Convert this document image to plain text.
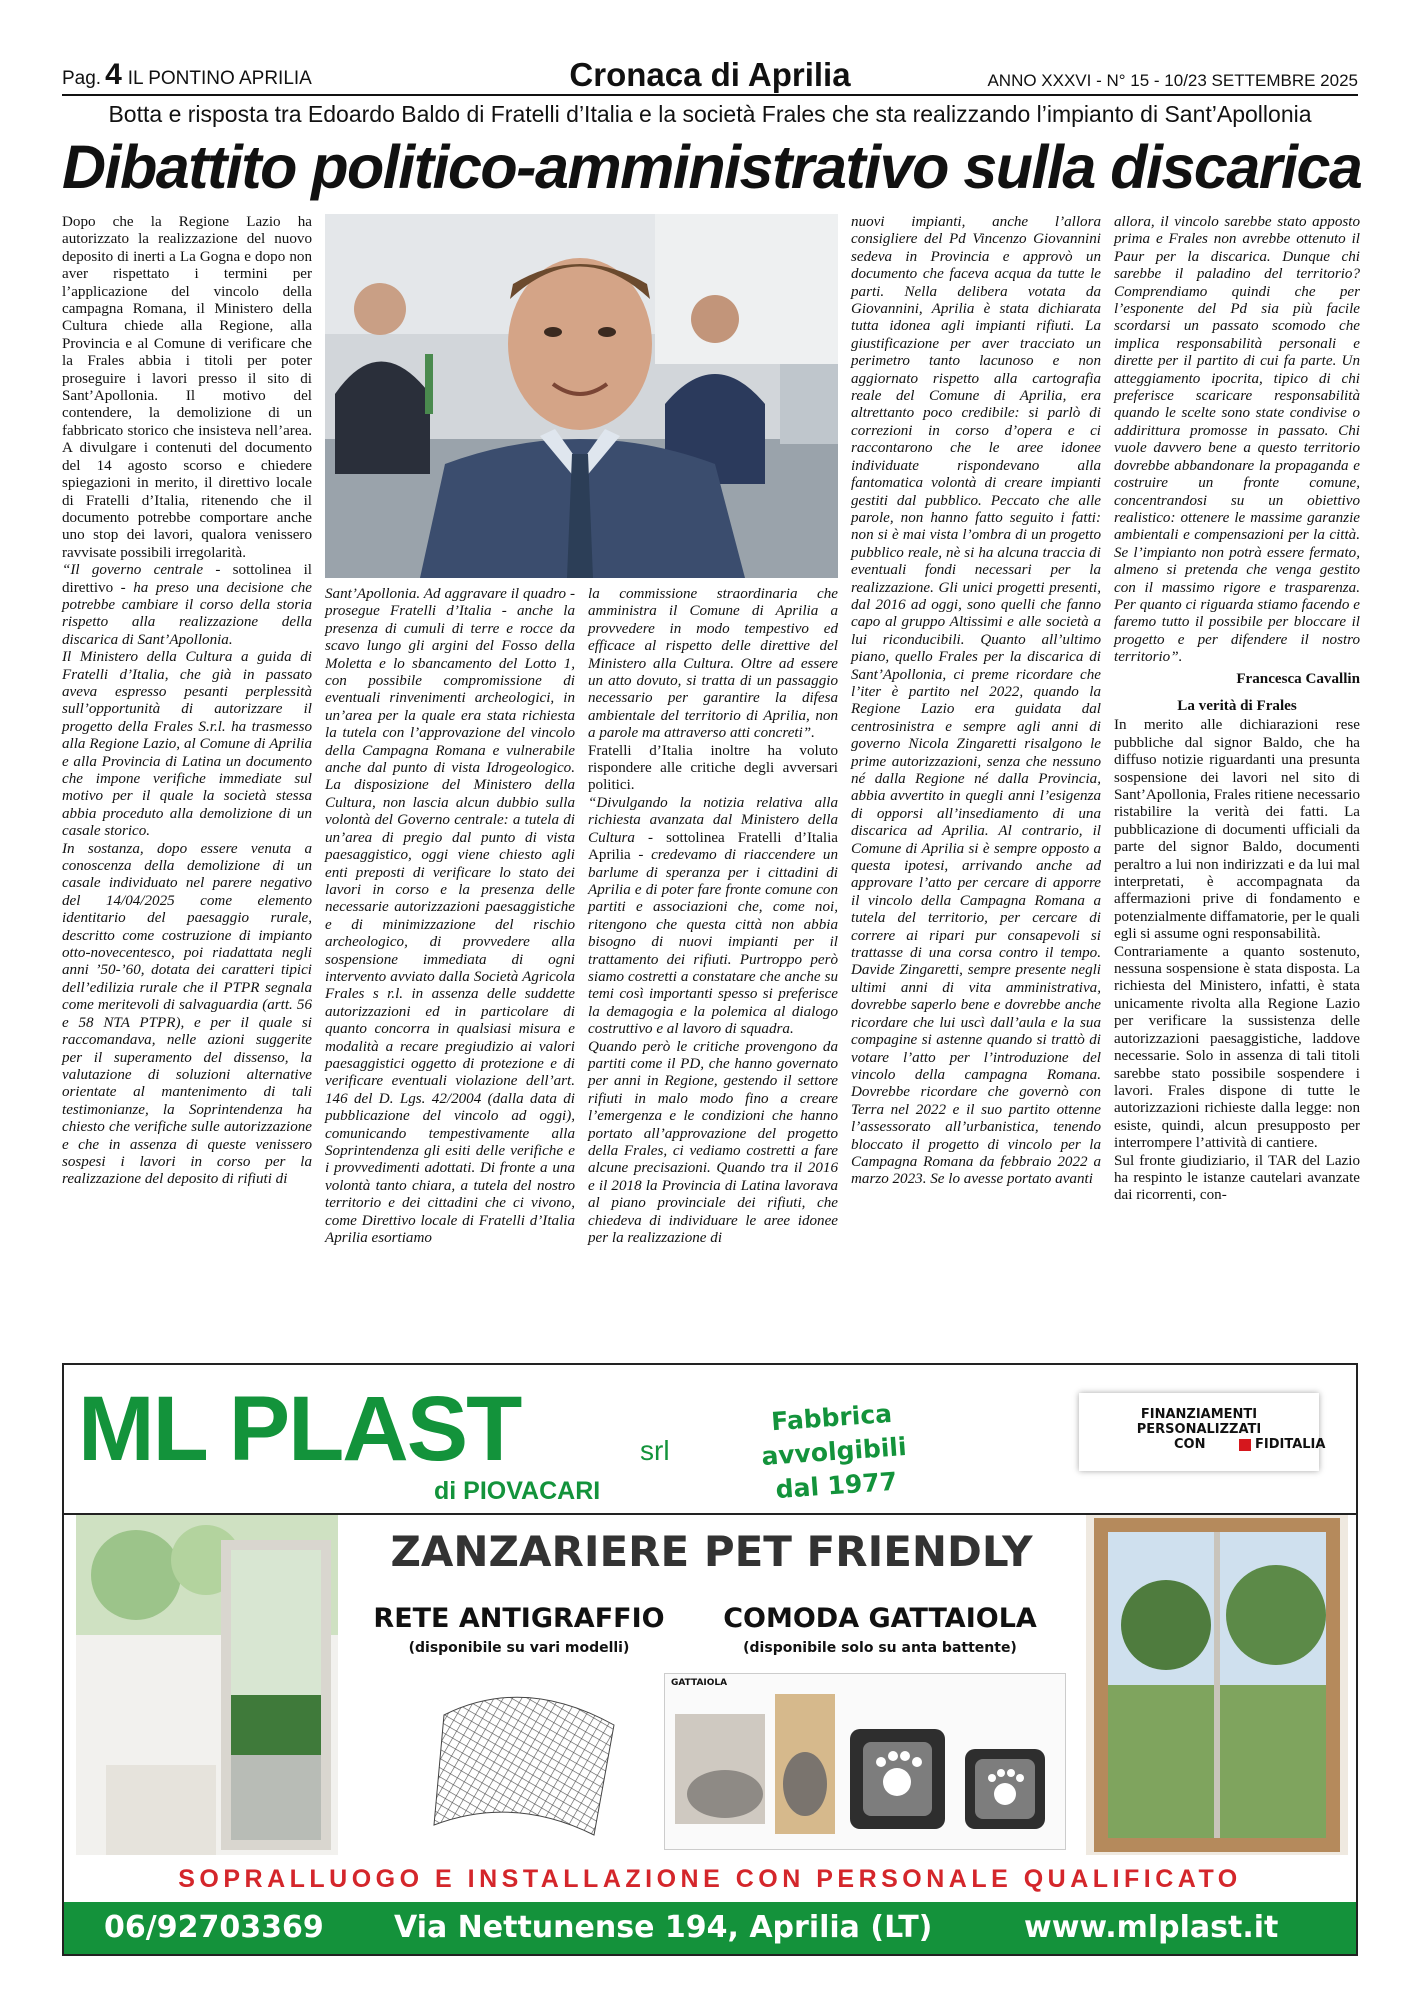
Pag. 4 IL PONTINO APRILIA	Cronaca di Aprilia	ANNO XXXVI - N° 15 - 10/23 SETTEMBRE 2025
Botta e risposta tra Edoardo Baldo di Fratelli d’Italia e la società Frales che sta realizzando l’impianto di Sant’Apollonia
Dibattito politico-amministrativo sulla discarica

Dopo che la Regione Lazio ha autorizzato la realizzazione del nuovo deposito di inerti a La Gogna e dopo non aver rispettato i termini per l’applicazione del vincolo della campagna Romana, il Ministero della Cultura chiede alla Regione, alla Provincia e al Comune di verificare che la Frales abbia i titoli per poter proseguire i lavori presso il sito di Sant’Apollonia. Il motivo del contendere, la demolizione di un fabbricato storico che insisteva nell’area. A divulgare i contenuti del documento del 14 agosto scorso e chiedere spiegazioni in merito, il direttivo locale di Fratelli d’Italia, ritenendo che il documento potrebbe comportare anche uno stop dei lavori, qualora venissero ravvisate possibili irregolarità.

“Il governo centrale - sottolinea il direttivo - ha preso una decisione che potrebbe cambiare il corso della storia rispetto alla realizzazione della discarica di Sant’Apollonia.

Il Ministero della Cultura a guida di Fratelli d’Italia, che già in passato aveva espresso pesanti perplessità sull’opportunità di autorizzare il progetto della Frales S.r.l. ha trasmesso alla Regione Lazio, al Comune di Aprilia e alla Provincia di Latina un documento che impone verifiche immediate sul motivo per il quale la società stessa abbia proceduto alla demolizione di un casale storico.

In sostanza, dopo essere venuta a conoscenza della demolizione di un casale individuato nel parere negativo del 14/04/2025 come elemento identitario del paesaggio rurale, descritto come costruzione di impianto otto-novecentesco, poi riadattata negli anni ’50-’60, dotata dei caratteri tipici dell’edilizia rurale che il PTPR segnala come meritevoli di salvaguardia (artt. 56 e 58 NTA PTPR), e per il quale si raccomandava, nelle azioni suggerite per il superamento del dissenso, la valutazione di soluzioni alternative orientate al mantenimento di tali testimonianze, la Soprintendenza ha chiesto che verifiche sulle autorizzazione e che in assenza di queste venissero sospesi i lavori in corso per la realizzazione del deposito di rifiuti di

Sant’Apollonia. Ad aggravare il quadro - prosegue Fratelli d’Italia - anche la presenza di cumuli di terre e rocce da scavo lungo gli argini del Fosso della Moletta e lo sbancamento del Lotto 1, con possibile compromissione di eventuali rinvenimenti archeologici, in un’area per la quale era stata richiesta la tutela con l’approvazione del vincolo della Campagna Romana e vulnerabile anche dal punto di vista Idrogeologico. La disposizione del Ministero della Cultura, non lascia alcun dubbio sulla volontà del Governo centrale: a tutela di un’area di pregio dal punto di vista paesaggistico, oggi viene chiesto agli enti preposti di verificare lo stato dei lavori in corso e la presenza delle necessarie autorizzazioni paesaggistiche e di minimizzazione del rischio archeologico, di provvedere alla sospensione immediata di ogni intervento avviato dalla Società Agricola Frales s r.l. in assenza delle suddette autorizzazioni ed in particolare di quanto concorra in qualsiasi misura e modalità a recare pregiudizio ai valori paesaggistici oggetto di protezione e di verificare eventuali violazione dell’art. 146 del D. Lgs. 42/2004 (dalla data di pubblicazione del vincolo ad oggi), comunicando tempestivamente alla Soprintendenza gli esiti delle verifiche e i provvedimenti adottati. Di fronte a una volontà tanto chiara, a tutela del nostro territorio e dei cittadini che ci vivono, come Direttivo locale di Fratelli d’Italia Aprilia esortiamo

la commissione straordinaria che amministra il Comune di Aprilia a provvedere in modo tempestivo ed efficace al rispetto delle direttive del Ministero alla Cultura. Oltre ad essere un atto dovuto, si tratta di un passaggio necessario per garantire la difesa ambientale del territorio di Aprilia, non a parole ma attraverso atti concreti”.

Fratelli d’Italia inoltre ha voluto rispondere alle critiche degli avversari politici.

“Divulgando la notizia relativa alla richiesta avanzata dal Ministero della Cultura - sottolinea Fratelli d’Italia Aprilia - credevamo di riaccendere un barlume di speranza per i cittadini di Aprilia e di poter fare fronte comune con partiti e associazioni che, come noi, ritengono che questa città non abbia bisogno di nuovi impianti per il trattamento dei rifiuti. Purtroppo però siamo costretti a constatare che anche su temi così importanti spesso si preferisce la demagogia e la polemica al dialogo costruttivo e al lavoro di squadra.

Quando però le critiche provengono da partiti come il PD, che hanno governato per anni in Regione, gestendo il settore rifiuti in malo modo fino a creare l’emergenza e le condizioni che hanno portato all’approvazione del progetto della Frales, ci vediamo costretti a fare alcune precisazioni. Quando tra il 2016 e il 2018 la Provincia di Latina lavorava al piano provinciale dei rifiuti, che chiedeva di individuare le aree idonee per la realizzazione di

nuovi impianti, anche l’allora consigliere del Pd Vincenzo Giovannini sedeva in Provincia e approvò un documento che faceva acqua da tutte le parti. Nella delibera votata da Giovannini, Aprilia è stata dichiarata tutta idonea agli impianti rifiuti. La giustificazione per aver tracciato un perimetro tanto lacunoso e non aggiornato rispetto alla cartografia reale del Comune di Aprilia, era altrettanto poco credibile: si parlò di correzioni in corso d’opera e ci raccontarono che le aree idonee individuate rispondevano alla fantomatica volontà di creare impianti gestiti dal pubblico. Peccato che alle parole, non hanno fatto seguito i fatti: non si è mai vista l’ombra di un progetto pubblico reale, nè si ha alcuna traccia di eventuali fondi necessari per la realizzazione. Gli unici progetti presenti, dal 2016 ad oggi, sono quelli che fanno capo al gruppo Altissimi e alle società a lui riconducibili. Quanto all’ultimo piano, quello Frales per la discarica di Sant’Apollonia, ci preme ricordare che l’iter è partito nel 2022, quando la Regione Lazio era guidata dal centrosinistra e sempre agli anni di governo Nicola Zingaretti risalgono le prime autorizzazioni, senza che nessuno né dalla Regione né dalla Provincia, abbia avvertito in quegli anni l’esigenza di opporsi all’insediamento di una discarica ad Aprilia. Al contrario, il Comune di Aprilia si è sempre opposto a questa ipotesi, arrivando anche ad approvare l’atto per cercare di apporre il vincolo della Campagna Romana a tutela del territorio, per cercare di correre ai ripari pur consapevoli si trattasse di una corsa contro il tempo. Davide Zingaretti, sempre presente negli ultimi anni di vita amministrativa, dovrebbe saperlo bene e dovrebbe anche ricordare che lui uscì dall’aula e la sua compagine si astenne quando si trattò di votare l’atto per l’introduzione del vincolo della campagna Romana. Dovrebbe ricordare che governò con Terra nel 2022 e il suo partito ottenne l’assessorato all’urbanistica, tenendo bloccato il progetto di vincolo per la Campagna Romana da febbraio 2022 a marzo 2023. Se lo avesse portato avanti

allora, il vincolo sarebbe stato apposto prima e Frales non avrebbe ottenuto il Paur per la discarica. Dunque chi sarebbe il paladino del territorio? Comprendiamo quindi che per l’esponente del Pd sia più facile scordarsi un passato scomodo che implica responsabilità personali e dirette per il partito di cui fa parte. Un atteggiamento ipocrita, tipico di chi preferisce scaricare responsabilità quando le scelte sono state condivise o addirittura promosse in passato. Chi vuole davvero bene a questo territorio dovrebbe abbandonare la propaganda e costruire un fronte comune, concentrandosi su un obiettivo realistico: ottenere le massime garanzie ambientali e compensazioni per la città. Se l’impianto non potrà essere fermato, almeno si pretenda che venga gestito con il massimo rigore e trasparenza. Per quanto ci riguarda stiamo facendo e faremo tutto il possibile per bloccare il progetto e per difendere il nostro territorio”.

Francesca Cavallin

La verità di Frales

In merito alle dichiarazioni rese pubbliche dal signor Baldo, che ha diffuso notizie riguardanti una presunta sospensione dei lavori nel sito di Sant’Apollonia, Frales ritiene necessario ristabilire la verità dei fatti. La pubblicazione di documenti ufficiali da parte del signor Baldo, documenti peraltro a lui non indirizzati e da lui mal interpretati, è accompagnata da affermazioni prive di fondamento e potenzialmente diffamatorie, per le quali egli si assume ogni responsabilità.

Contrariamente a quanto sostenuto, nessuna sospensione è stata disposta. La richiesta del Ministero, infatti, è stata unicamente rivolta alla Regione Lazio per verificare la sussistenza delle autorizzazioni paesaggistiche, laddove necessarie. Solo in assenza di tali titoli sarebbe stato possibile sospendere i lavori. Frales dispone di tutte le autorizzazioni richieste dalla legge: non esiste, quindi, alcun presupposto per interrompere l’attività di cantiere.

Sul fronte giudiziario, il TAR del Lazio ha respinto le istanze cautelari avanzate dai ricorrenti, con-

ML PLAST	srl
di PIOVACARI
Fabbrica avvolgibili
dal 1977
FINANZIAMENTI PERSONALIZZATI
CON	FIDITALIA
ZANZARIERE PET FRIENDLY
RETE ANTIGRAFFIO
(disponibile su vari modelli)
COMODA GATTAIOLA
(disponibile solo su anta battente)
GATTAIOLA
SOPRALLUOGO E INSTALLAZIONE CON PERSONALE QUALIFICATO
06/92703369 Via Nettunense 194, Aprilia (LT)	www.mlplast.it
